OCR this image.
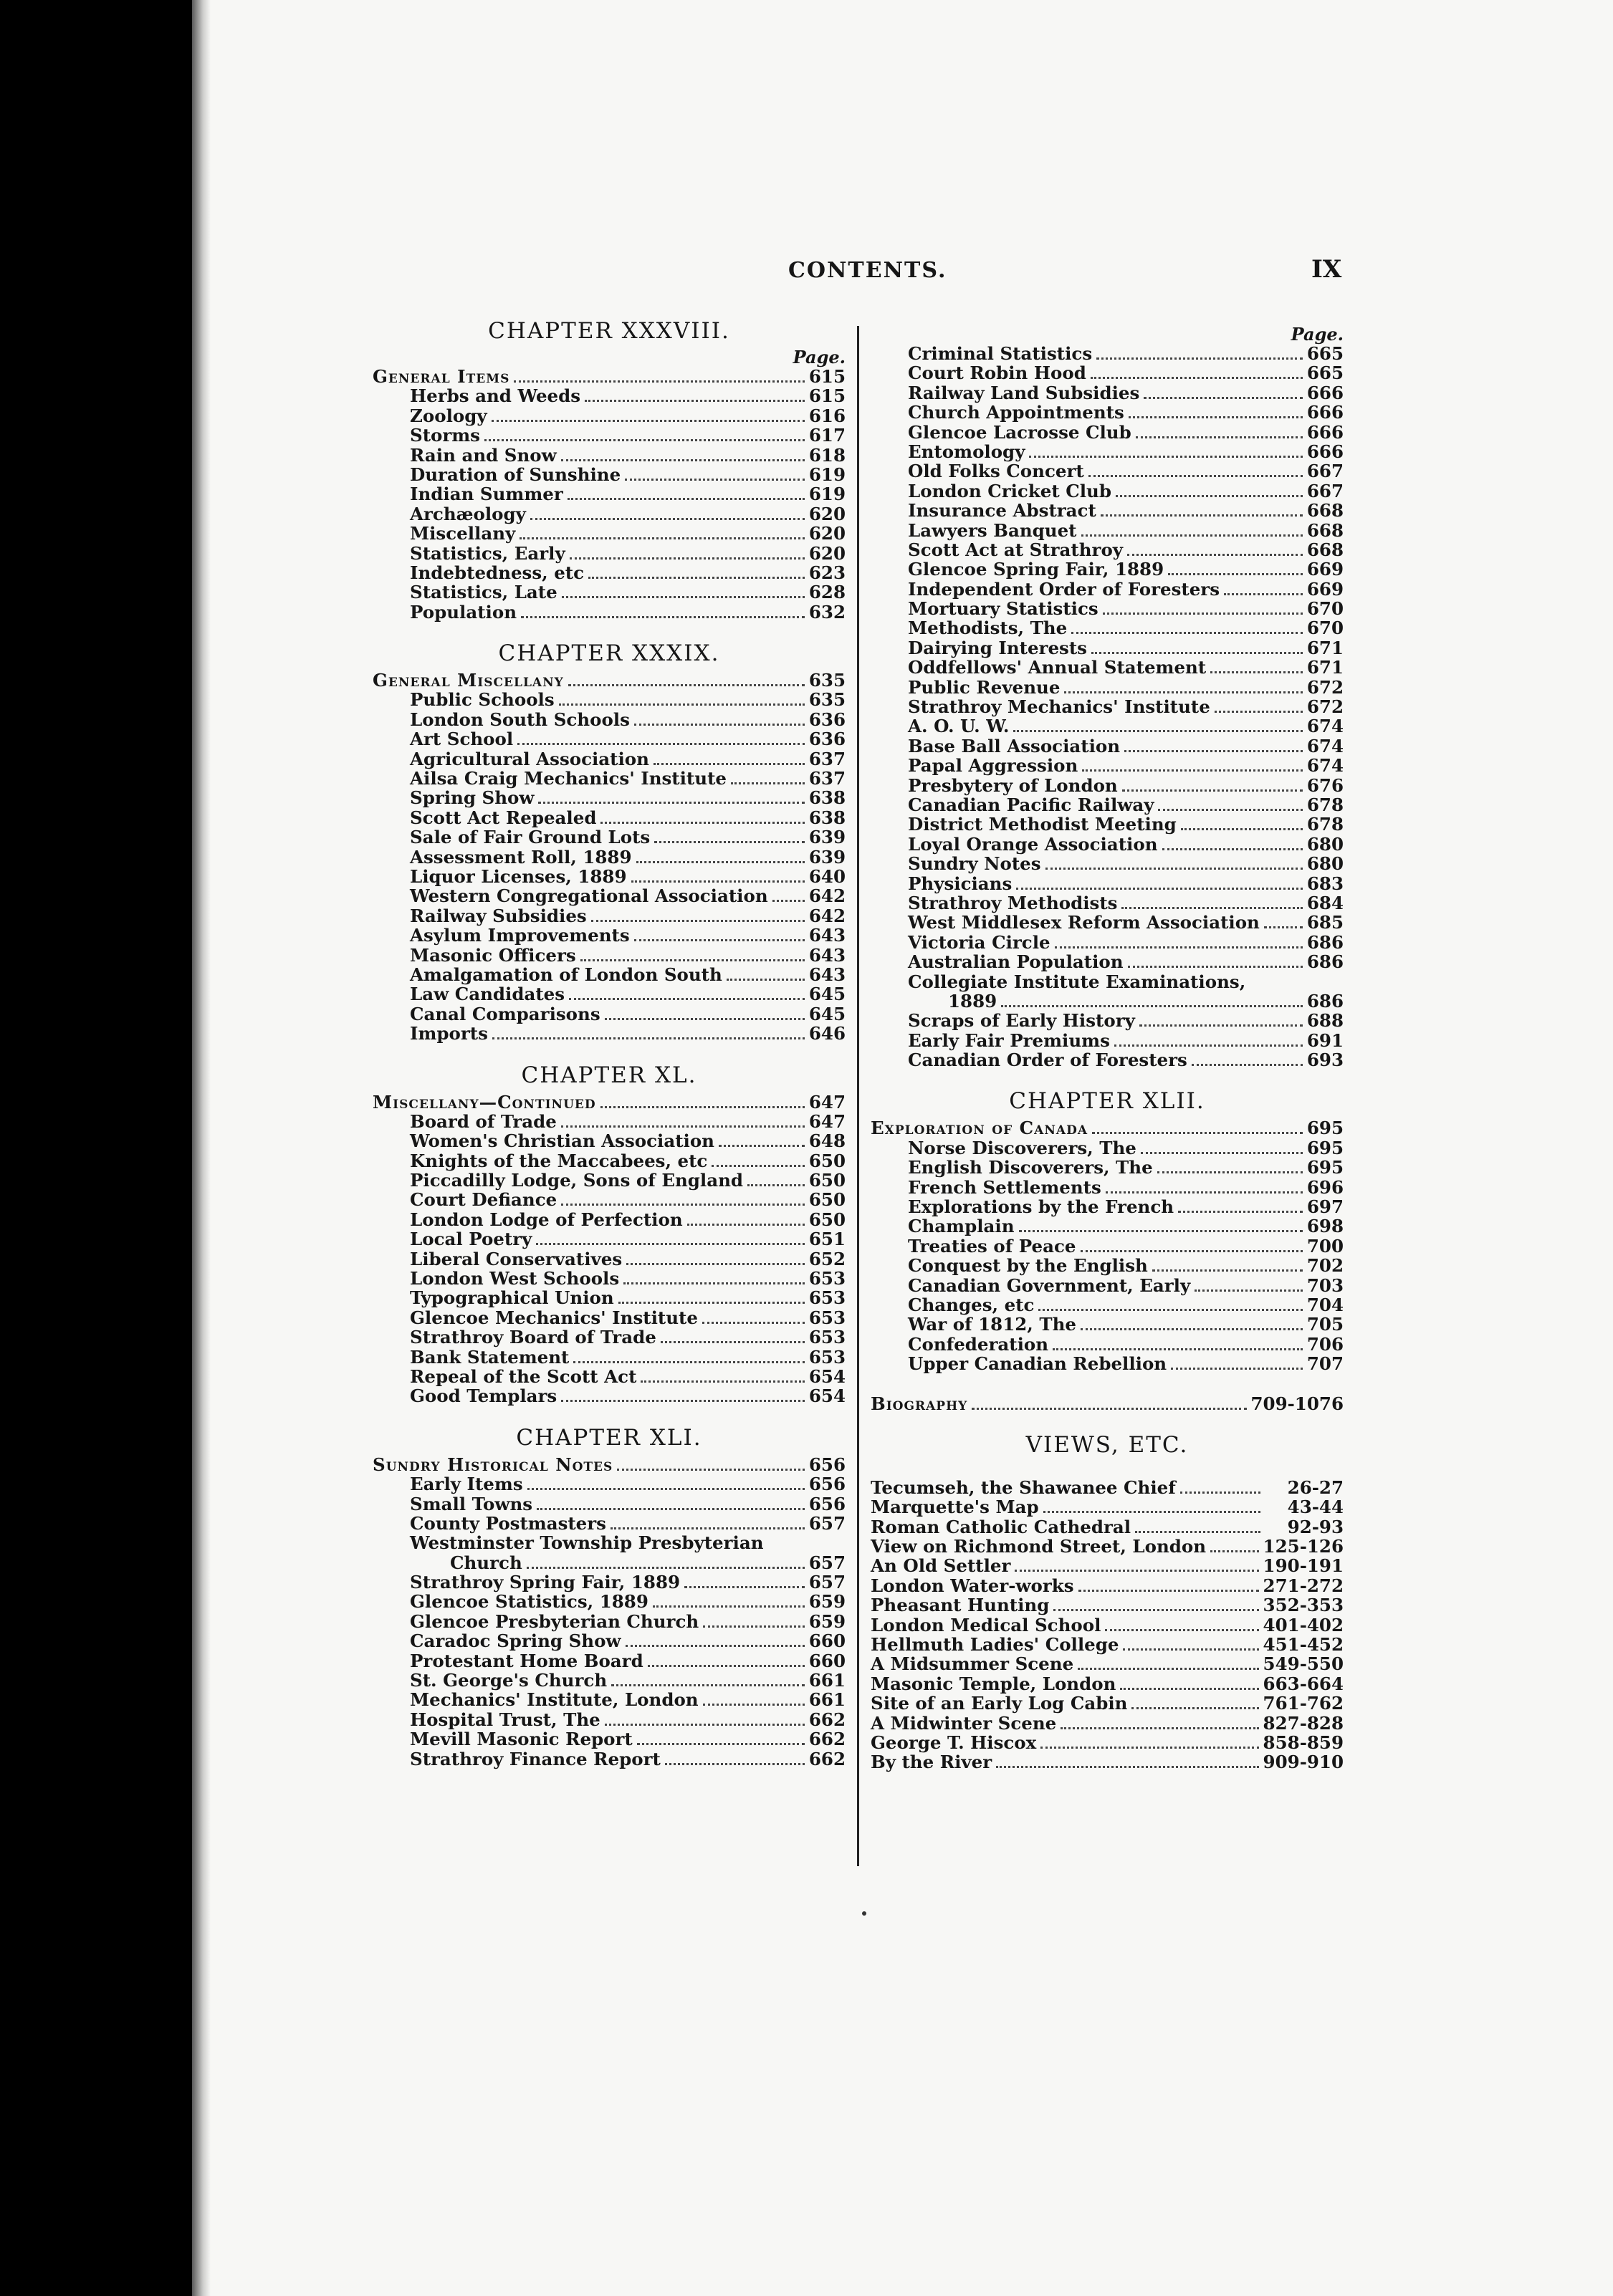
CONTENTS.	IX
CHAPTER XXXVIII.
Page.
General Items	615
Herbs and Weeds	615
Zoology	616
Storms	617
Rain and Snow	618
Duration of Sunshine	619
Indian Summer	619
Archæology	620
Miscellany	620
Statistics, Early	620
Indebtedness, etc	623
Statistics, Late	628
Population	632
CHAPTER XXXIX.
General Miscellany	635
Public Schools	635
London South Schools	636
Art School	636
Agricultural Association	637
Ailsa Craig Mechanics' Institute	637
Spring Show	638
Scott Act Repealed	638
Sale of Fair Ground Lots	639
Assessment Roll, 1889	639
Liquor Licenses, 1889	640
Western Congregational Association 642
Railway Subsidies	642
Asylum Improvements	643
Masonic Officers	643
Amalgamation of London South	643
Law Candidates	645
Canal Comparisons	645
Imports	646
CHAPTER XL.
Miscellany—Continued	647
Board of Trade	647
Women's Christian Association	648
Knights of the Maccabees, etc	650
Piccadilly Lodge, Sons of England	650
Court Defiance	650
London Lodge of Perfection	650
Local Poetry	651
Liberal Conservatives	652
London West Schools	653
Typographical Union	653
Glencoe Mechanics' Institute	653
Strathroy Board of Trade	653
Bank Statement	653
Repeal of the Scott Act	654
Good Templars	654
CHAPTER XLI.
Sundry Historical Notes	656
Early Items	656
Small Towns	656
County Postmasters	657
Westminster Township Presbyterian
Church	657
Strathroy Spring Fair, 1889	657
Glencoe Statistics, 1889	659
Glencoe Presbyterian Church	659
Caradoc Spring Show	660
Protestant Home Board	660
St. George's Church	661
Mechanics' Institute, London	661
Hospital Trust, The	662
Mevill Masonic Report	662
Strathroy Finance Report	662
Page.
Criminal Statistics	665
Court Robin Hood	665
Railway Land Subsidies	666
Church Appointments	666
Glencoe Lacrosse Club	666
Entomology	666
Old Folks Concert	667
London Cricket Club	667
Insurance Abstract	668
Lawyers Banquet	668
Scott Act at Strathroy	668
Glencoe Spring Fair, 1889	669
Independent Order of Foresters	669
Mortuary Statistics	670
Methodists, The	670
Dairying Interests	671
Oddfellows' Annual Statement	671
Public Revenue	672
Strathroy Mechanics' Institute	672
A. O. U. W.	674
Base Ball Association	674
Papal Aggression	674
Presbytery of London	676
Canadian Pacific Railway	678
District Methodist Meeting	678
Loyal Orange Association	680
Sundry Notes	680
Physicians	683
Strathroy Methodists	684
West Middlesex Reform Association	685
Victoria Circle	686
Australian Population	686
Collegiate Institute Examinations,
1889	686
Scraps of Early History	688
Early Fair Premiums	691
Canadian Order of Foresters	693
CHAPTER XLII.
Exploration of Canada	695
Norse Discoverers, The	695
English Discoverers, The	695
French Settlements	696
Explorations by the French	697
Champlain	698
Treaties of Peace	700
Conquest by the English	702
Canadian Government, Early	703
Changes, etc	704
War of 1812, The	705
Confederation	706
Upper Canadian Rebellion	707
Biography	709-1076
VIEWS, ETC.
Tecumseh, the Shawanee Chief	26-27
Marquette's Map	43-44
Roman Catholic Cathedral	92-93
View on Richmond Street, London	125-126
An Old Settler	190-191
London Water-works	271-272
Pheasant Hunting	352-353
London Medical School	401-402
Hellmuth Ladies' College	451-452
A Midsummer Scene	549-550
Masonic Temple, London	663-664
Site of an Early Log Cabin	761-762
A Midwinter Scene	827-828
George T. Hiscox	858-859
By the River	909-910
